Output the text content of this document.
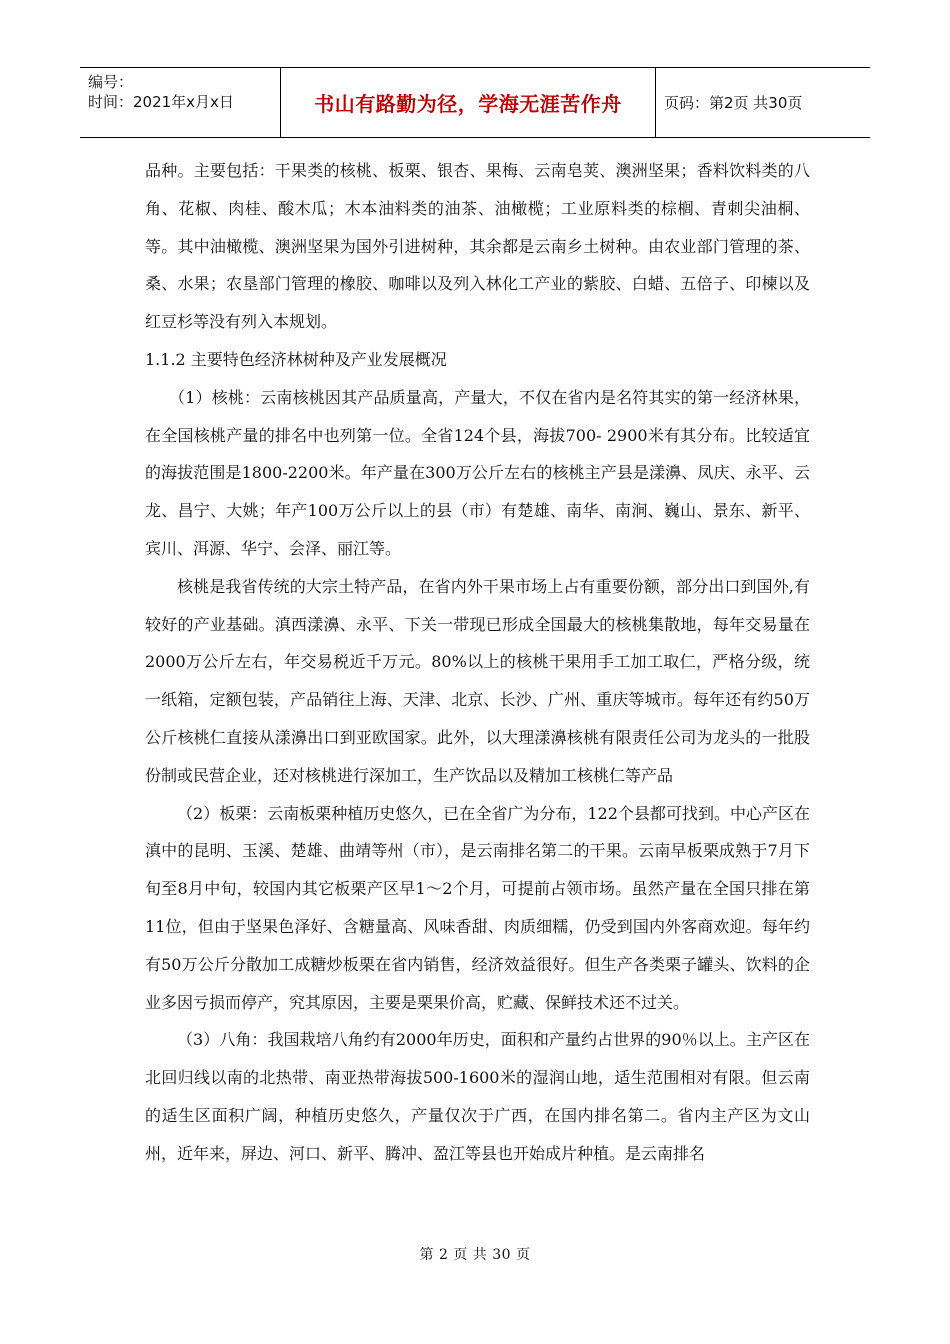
编号：
时间：2021年x月x日	书山有路勤为径，学海无涯苦作舟	页码：第2页 共30页

品种。主要包括：干果类的核桃、板栗、银杏、果梅、云南皂荚、澳洲坚果；香料饮料类的八角、花椒、肉桂、酸木瓜；木本油料类的油茶、油橄榄；工业原料类的棕榈、青刺尖油桐、等。其中油橄榄、澳洲坚果为国外引进树种，其余都是云南乡土树种。由农业部门管理的茶、桑、水果；农垦部门管理的橡胶、咖啡以及列入林化工产业的紫胶、白蜡、五倍子、印楝以及红豆杉等没有列入本规划。

1.1.2 主要特色经济林树种及产业发展概况

（1）核桃：云南核桃因其产品质量高，产量大，不仅在省内是名符其实的第一经济林果，在全国核桃产量的排名中也列第一位。全省124个县，海拔700- 2900米有其分布。比较适宜的海拔范围是1800-2200米。年产量在300万公斤左右的核桃主产县是漾濞、凤庆、永平、云龙、昌宁、大姚；年产100万公斤以上的县（市）有楚雄、南华、南涧、巍山、景东、新平、宾川、洱源、华宁、会泽、丽江等。

核桃是我省传统的大宗土特产品，在省内外干果市场上占有重要份额，部分出口到国外,有较好的产业基础。滇西漾濞、永平、下关一带现已形成全国最大的核桃集散地，每年交易量在2000万公斤左右，年交易税近千万元。80%以上的核桃干果用手工加工取仁，严格分级，统一纸箱，定额包装，产品销往上海、天津、北京、长沙、广州、重庆等城市。每年还有约50万公斤核桃仁直接从漾濞出口到亚欧国家。此外，以大理漾濞核桃有限责任公司为龙头的一批股份制或民营企业，还对核桃进行深加工，生产饮品以及精加工核桃仁等产品

（2）板栗：云南板栗种植历史悠久，已在全省广为分布，122个县都可找到。中心产区在滇中的昆明、玉溪、楚雄、曲靖等州（市），是云南排名第二的干果。云南早板栗成熟于7月下旬至8月中旬，较国内其它板栗产区早1～2个月，可提前占领市场。虽然产量在全国只排在第11位，但由于坚果色泽好、含糖量高、风味香甜、肉质细糯，仍受到国内外客商欢迎。每年约有50万公斤分散加工成糖炒板栗在省内销售，经济效益很好。但生产各类栗子罐头、饮料的企业多因亏损而停产，究其原因，主要是栗果价高，贮藏、保鲜技术还不过关。

（3）八角：我国栽培八角约有2000年历史，面积和产量约占世界的90％以上。主产区在北回归线以南的北热带、南亚热带海拔500-1600米的湿润山地，适生范围相对有限。但云南的适生区面积广阔，种植历史悠久，产量仅次于广西，在国内排名第二。省内主产区为文山州，近年来，屏边、河口、新平、腾冲、盈江等县也开始成片种植。是云南排名

第 2 页 共 30 页
